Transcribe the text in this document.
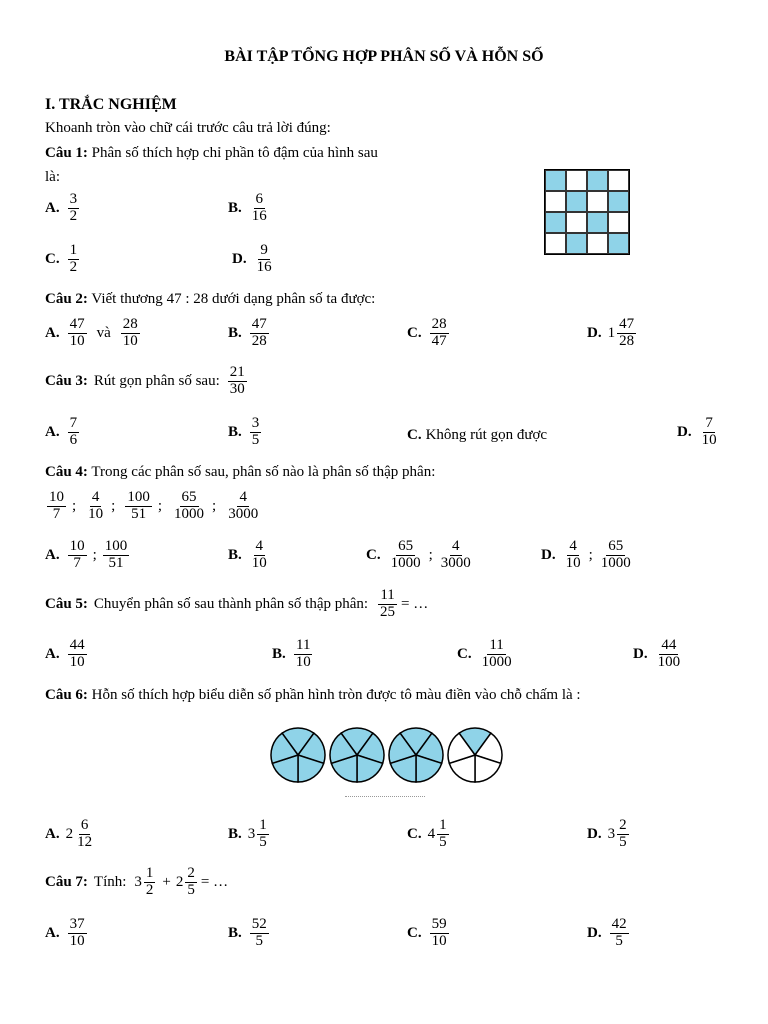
BÀI TẬP TỔNG HỢP PHÂN SỐ VÀ HỖN SỐ
I. TRẮC NGHIỆM
Khoanh tròn vào chữ cái trước câu trả lời đúng:
Câu 1: Phân số thích hợp chỉ phần tô đậm của hình sau
là:
A. $\frac{3}{2}$	B. $\frac{6}{16}$
C. $\frac{1}{2}$	D. $\frac{9}{16}$
Câu 2: Viết thương 47 : 28 dưới dạng phân số ta được:
A. $\frac{47}{10}$ và $\frac{28}{10}$	B. $\frac{47}{28}$	C. $\frac{28}{47}$	D. $1 \frac{47}{28}$
Câu 3: Rút gọn phân số sau: $\frac{21}{30}$
A. $\frac{7}{6}$	B. $\frac{3}{5}$	C. Không rút gọn được	D. $\frac{7}{10}$
Câu 4: Trong các phân số sau, phân số nào là phân số thập phân:
$\frac{10}{7}$ ; $\frac{4}{10}$ ; $\frac{100}{51}$ ; $\frac{65}{1000}$ ; $\frac{4}{3000}$
A. $\frac{10}{7}$ ; $\frac{100}{51}$	B. $\frac{4}{10}$	C. $\frac{65}{1000}$ ; $\frac{4}{3000}$	D. $\frac{4}{10}$ ; $\frac{65}{1000}$
Câu 5: Chuyển phân số sau thành phân số thập phân: $\frac{11}{25}$ = …
A. $\frac{44}{10}$	B. $\frac{11}{10}$	C. $\frac{11}{1000}$	D. $\frac{44}{100}$
Câu 6: Hỗn số thích hợp biểu diễn số phần hình tròn được tô màu điền vào chỗ chấm là :
A. $2 \frac{6}{12}$	B. $3 \frac{1}{5}$	C. $4 \frac{1}{5}$	D. $3 \frac{2}{5}$
Câu 7: Tính: $3 \frac{1}{2} + 2 \frac{2}{5}$ = …
A. $\frac{37}{10}$	B. $\frac{52}{5}$	C. $\frac{59}{10}$	D. $\frac{42}{5}$
